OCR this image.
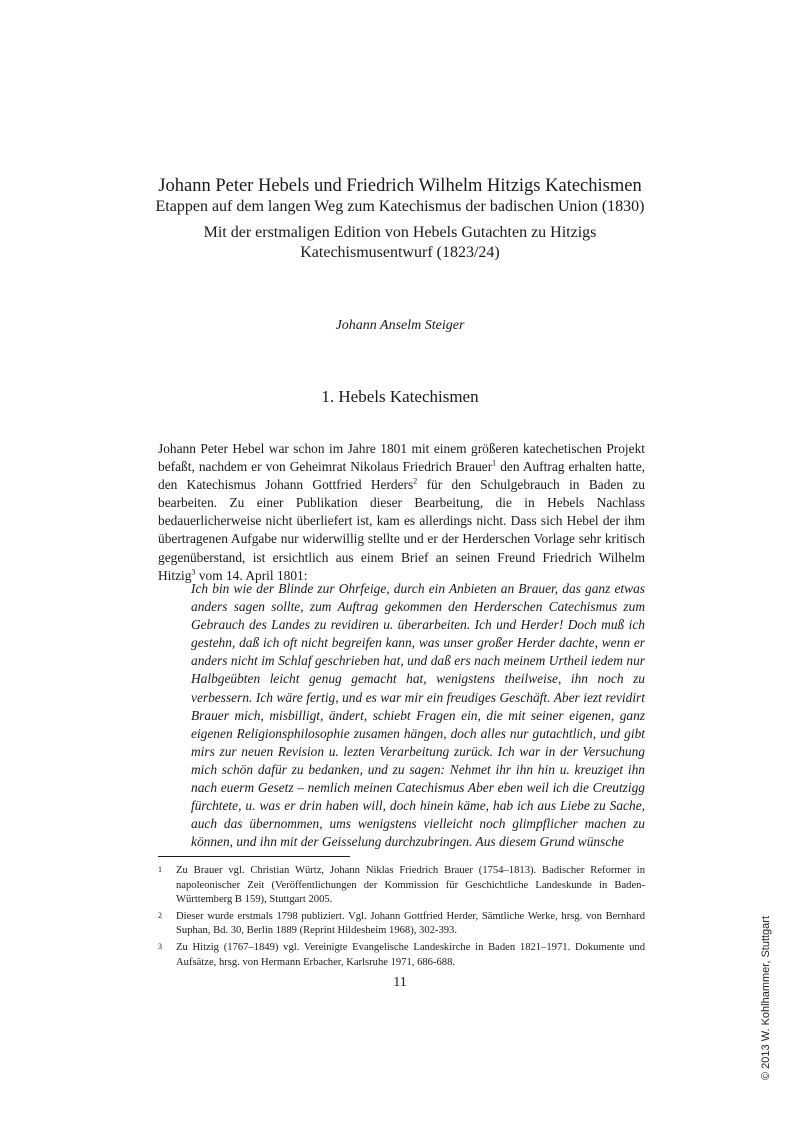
Johann Peter Hebels und Friedrich Wilhelm Hitzigs Katechismen
Etappen auf dem langen Weg zum Katechismus der badischen Union (1830)
Mit der erstmaligen Edition von Hebels Gutachten zu Hitzigs
Katechismusentwurf (1823/24)
Johann Anselm Steiger
1. Hebels Katechismen

Johann Peter Hebel war schon im Jahre 1801 mit einem größeren katechetischen Projekt befaßt, nachdem er von Geheimrat Nikolaus Friedrich Brauer$^1$ den Auftrag erhalten hatte, den Katechismus Johann Gottfried Herders$^2$ für den Schulgebrauch in Baden zu bearbeiten. Zu einer Publikation dieser Bearbeitung, die in Hebels Nachlass bedauerlicherweise nicht überliefert ist, kam es allerdings nicht. Dass sich Hebel der ihm übertragenen Aufgabe nur widerwillig stellte und er der Herderschen Vorlage sehr kritisch gegenüberstand, ist ersichtlich aus einem Brief an seinen Freund Friedrich Wilhelm Hitzig$^3$ vom 14. April 1801:

Ich bin wie der Blinde zur Ohrfeige, durch ein Anbieten an Brauer, das ganz etwas anders sagen sollte, zum Auftrag gekommen den Herderschen Catechismus zum Gebrauch des Landes zu revidiren u. überarbeiten. Ich und Herder! Doch muß ich gestehn, daß ich oft nicht begreifen kann, was unser großer Herder dachte, wenn er anders nicht im Schlaf geschrieben hat, und daß ers nach meinem Urtheil iedem nur Halbgeübten leicht genug gemacht hat, wenigstens theilweise, ihn noch zu verbessern. Ich wäre fertig, und es war mir ein freudiges Geschäft. Aber iezt revidirt Brauer mich, misbilligt, ändert, schiebt Fragen ein, die mit seiner eigenen, ganz eigenen Religionsphilosophie zusamen hängen, doch alles nur gutachtlich, und gibt mirs zur neuen Revision u. lezten Verarbeitung zurück. Ich war in der Versuchung mich schön dafür zu bedanken, und zu sagen: Nehmet ihr ihn hin u. kreuziget ihn nach euerm Gesetz – nemlich meinen Catechismus Aber eben weil ich die Creutzigg fürchtete, u. was er drin haben will, doch hinein käme, hab ich aus Liebe zu Sache, auch das übernommen, ums wenigstens vielleicht noch glimpflicher machen zu können, und ihn mit der Geisselung durchzubringen. Aus diesem Grund wünsche

1	Zu Brauer vgl. Christian Würtz, Johann Niklas Friedrich Brauer (1754–1813). Badischer Reformer in napoleonischer Zeit (Veröffentlichungen der Kommission für Geschichtliche Landeskunde in Baden-Württemberg B 159), Stuttgart 2005.
2	Dieser wurde erstmals 1798 publiziert. Vgl. Johann Gottfried Herder, Sämtliche Werke, hrsg. von Bernhard Suphan, Bd. 30, Berlin 1889 (Reprint Hildesheim 1968), 302-393.
3	Zu Hitzig (1767–1849) vgl. Vereinigte Evangelische Landeskirche in Baden 1821–1971. Dokumente und Aufsätze, hrsg. von Hermann Erbacher, Karlsruhe 1971, 686-688.
11	© 2013 W. Kohlhammer, Stuttgart
